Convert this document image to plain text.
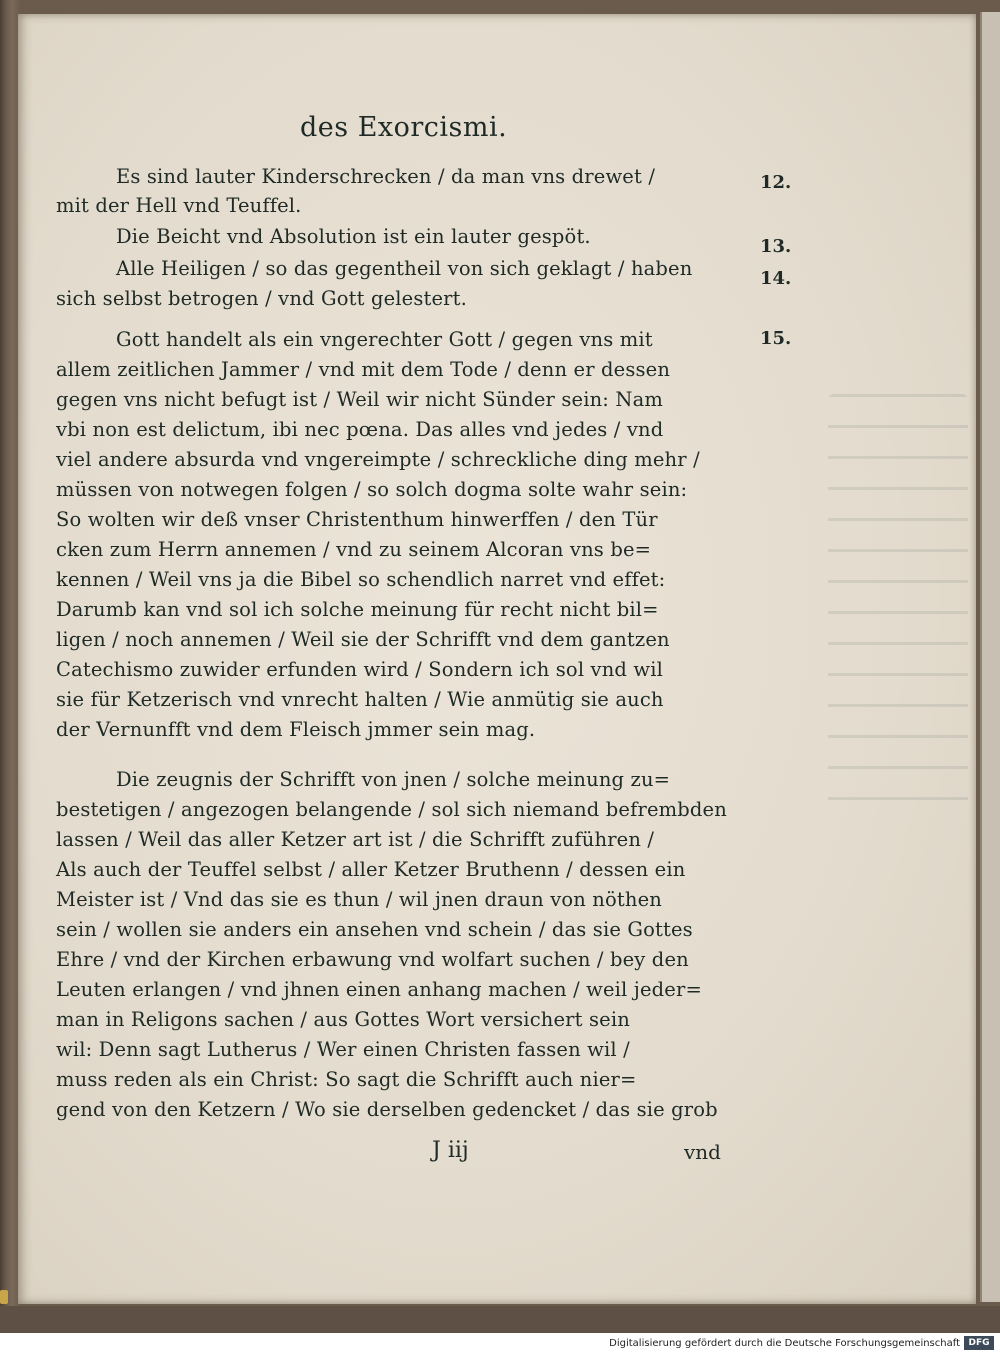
des Exorcismi.
Es sind lauter Kinderschrecken / da man vns drewet /
mit der Hell vnd Teuffel.
Die Beicht vnd Absolution ist ein lauter gespöt.
Alle Heiligen / so das gegentheil von sich geklagt / haben
sich selbst betrogen / vnd Gott gelestert.
Gott handelt als ein vngerechter Gott / gegen vns mit
allem zeitlichen Jammer / vnd mit dem Tode / denn er dessen
gegen vns nicht befugt ist / Weil wir nicht Sünder sein: Nam
vbi non est delictum, ibi nec pœna. Das alles vnd jedes / vnd
viel andere absurda vnd vngereimpte / schreckliche ding mehr /
müssen von notwegen folgen / so solch dogma solte wahr sein:
So wolten wir deß vnser Christenthum hinwerffen / den Tür
cken zum Herrn annemen / vnd zu seinem Alcoran vns be=
kennen / Weil vns ja die Bibel so schendlich narret vnd effet:
Darumb kan vnd sol ich solche meinung für recht nicht bil=
ligen / noch annemen / Weil sie der Schrifft vnd dem gantzen
Catechismo zuwider erfunden wird / Sondern ich sol vnd wil
sie für Ketzerisch vnd vnrecht halten / Wie anmütig sie auch
der Vernunfft vnd dem Fleisch jmmer sein mag.
Die zeugnis der Schrifft von jnen / solche meinung zu=
bestetigen / angezogen belangende / sol sich niemand befrembden
lassen / Weil das aller Ketzer art ist / die Schrifft zuführen /
Als auch der Teuffel selbst / aller Ketzer Bruthenn / dessen ein
Meister ist / Vnd das sie es thun / wil jnen draun von nöthen
sein / wollen sie anders ein ansehen vnd schein / das sie Gottes
Ehre / vnd der Kirchen erbawung vnd wolfart suchen / bey den
Leuten erlangen / vnd jhnen einen anhang machen / weil jeder=
man in Religons sachen / aus Gottes Wort versichert sein
wil: Denn sagt Lutherus / Wer einen Christen fassen wil /
muss reden als ein Christ: So sagt die Schrifft auch nier=
gend von den Ketzern / Wo sie derselben gedencket / das sie grob
12.
13.
14.
15.
J iij	vnd
Digitalisierung gefördert durch die Deutsche Forschungsgemeinschaft DFG
